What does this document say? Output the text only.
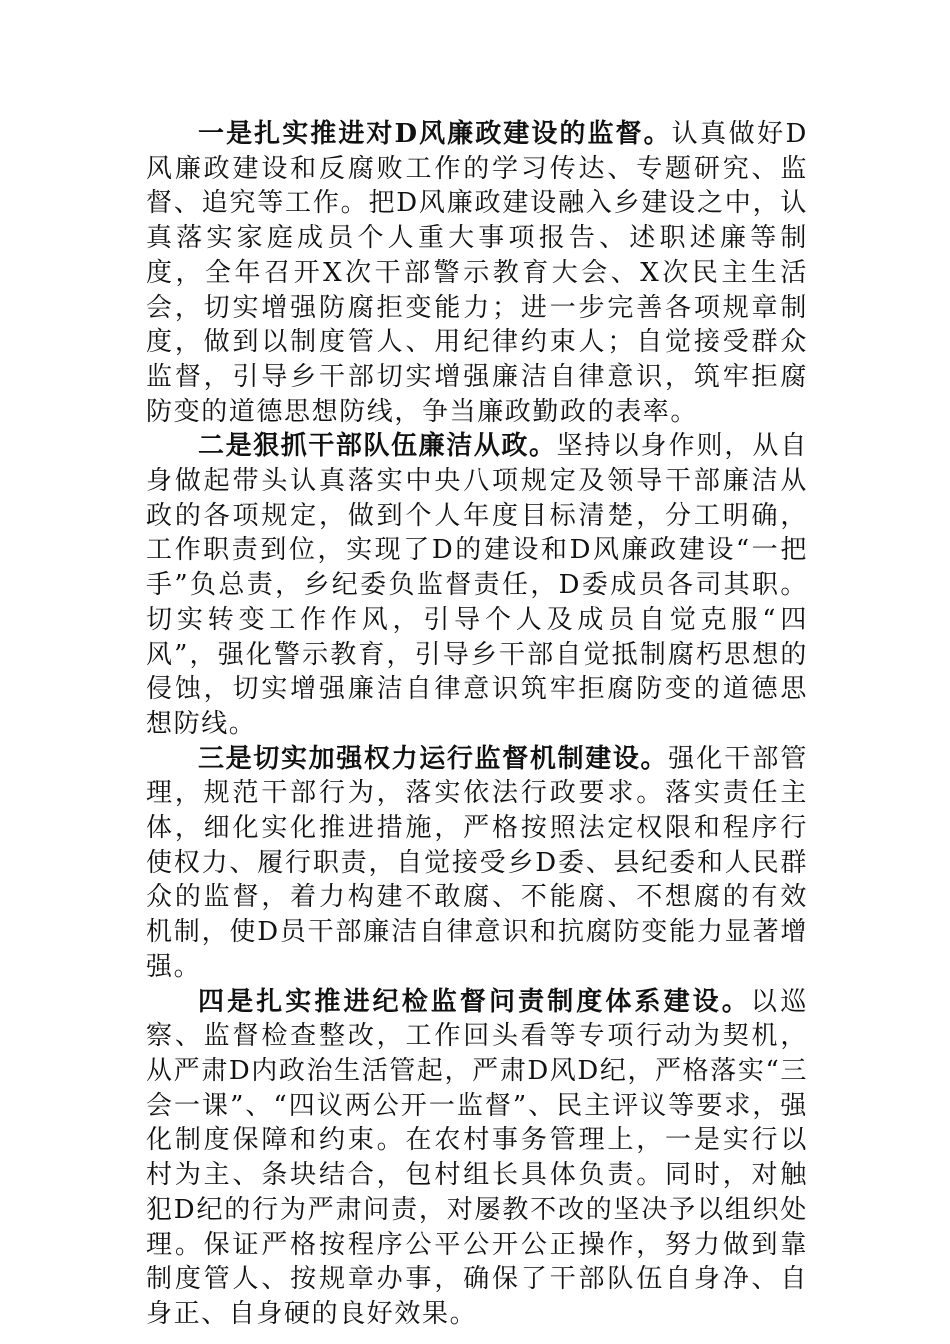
一是扎实推进对D风廉政建设的监督。认真做好D风廉政建设和反腐败工作的学习传达、专题研究、监督、追究等工作。把D风廉政建设融入乡建设之中，认真落实家庭成员个人重大事项报告、述职述廉等制度，全年召开X次干部警示教育大会、X次民主生活会，切实增强防腐拒变能力；进一步完善各项规章制度，做到以制度管人、用纪律约束人；自觉接受群众监督，引导乡干部切实增强廉洁自律意识，筑牢拒腐防变的道德思想防线，争当廉政勤政的表率。

二是狠抓干部队伍廉洁从政。坚持以身作则，从自身做起带头认真落实中央八项规定及领导干部廉洁从政的各项规定，做到个人年度目标清楚，分工明确，工作职责到位，实现了D的建设和D风廉政建设“一把手”负总责，乡纪委负监督责任，D委成员各司其职。切实转变工作作风，引导个人及成员自觉克服“四风”，强化警示教育，引导乡干部自觉抵制腐朽思想的侵蚀，切实增强廉洁自律意识筑牢拒腐防变的道德思想防线。

三是切实加强权力运行监督机制建设。强化干部管理，规范干部行为，落实依法行政要求。落实责任主体，细化实化推进措施，严格按照法定权限和程序行使权力、履行职责，自觉接受乡D委、县纪委和人民群众的监督，着力构建不敢腐、不能腐、不想腐的有效机制，使D员干部廉洁自律意识和抗腐防变能力显著增强。

四是扎实推进纪检监督问责制度体系建设。以巡察、监督检查整改，工作回头看等专项行动为契机，从严肃D内政治生活管起，严肃D风D纪，严格落实“三会一课”、“四议两公开一监督”、民主评议等要求，强化制度保障和约束。在农村事务管理上，一是实行以村为主、条块结合，包村组长具体负责。同时，对触犯D纪的行为严肃问责，对屡教不改的坚决予以组织处理。保证严格按程序公平公开公正操作，努力做到靠制度管人、按规章办事，确保了干部队伍自身净、自身正、自身硬的良好效果。
